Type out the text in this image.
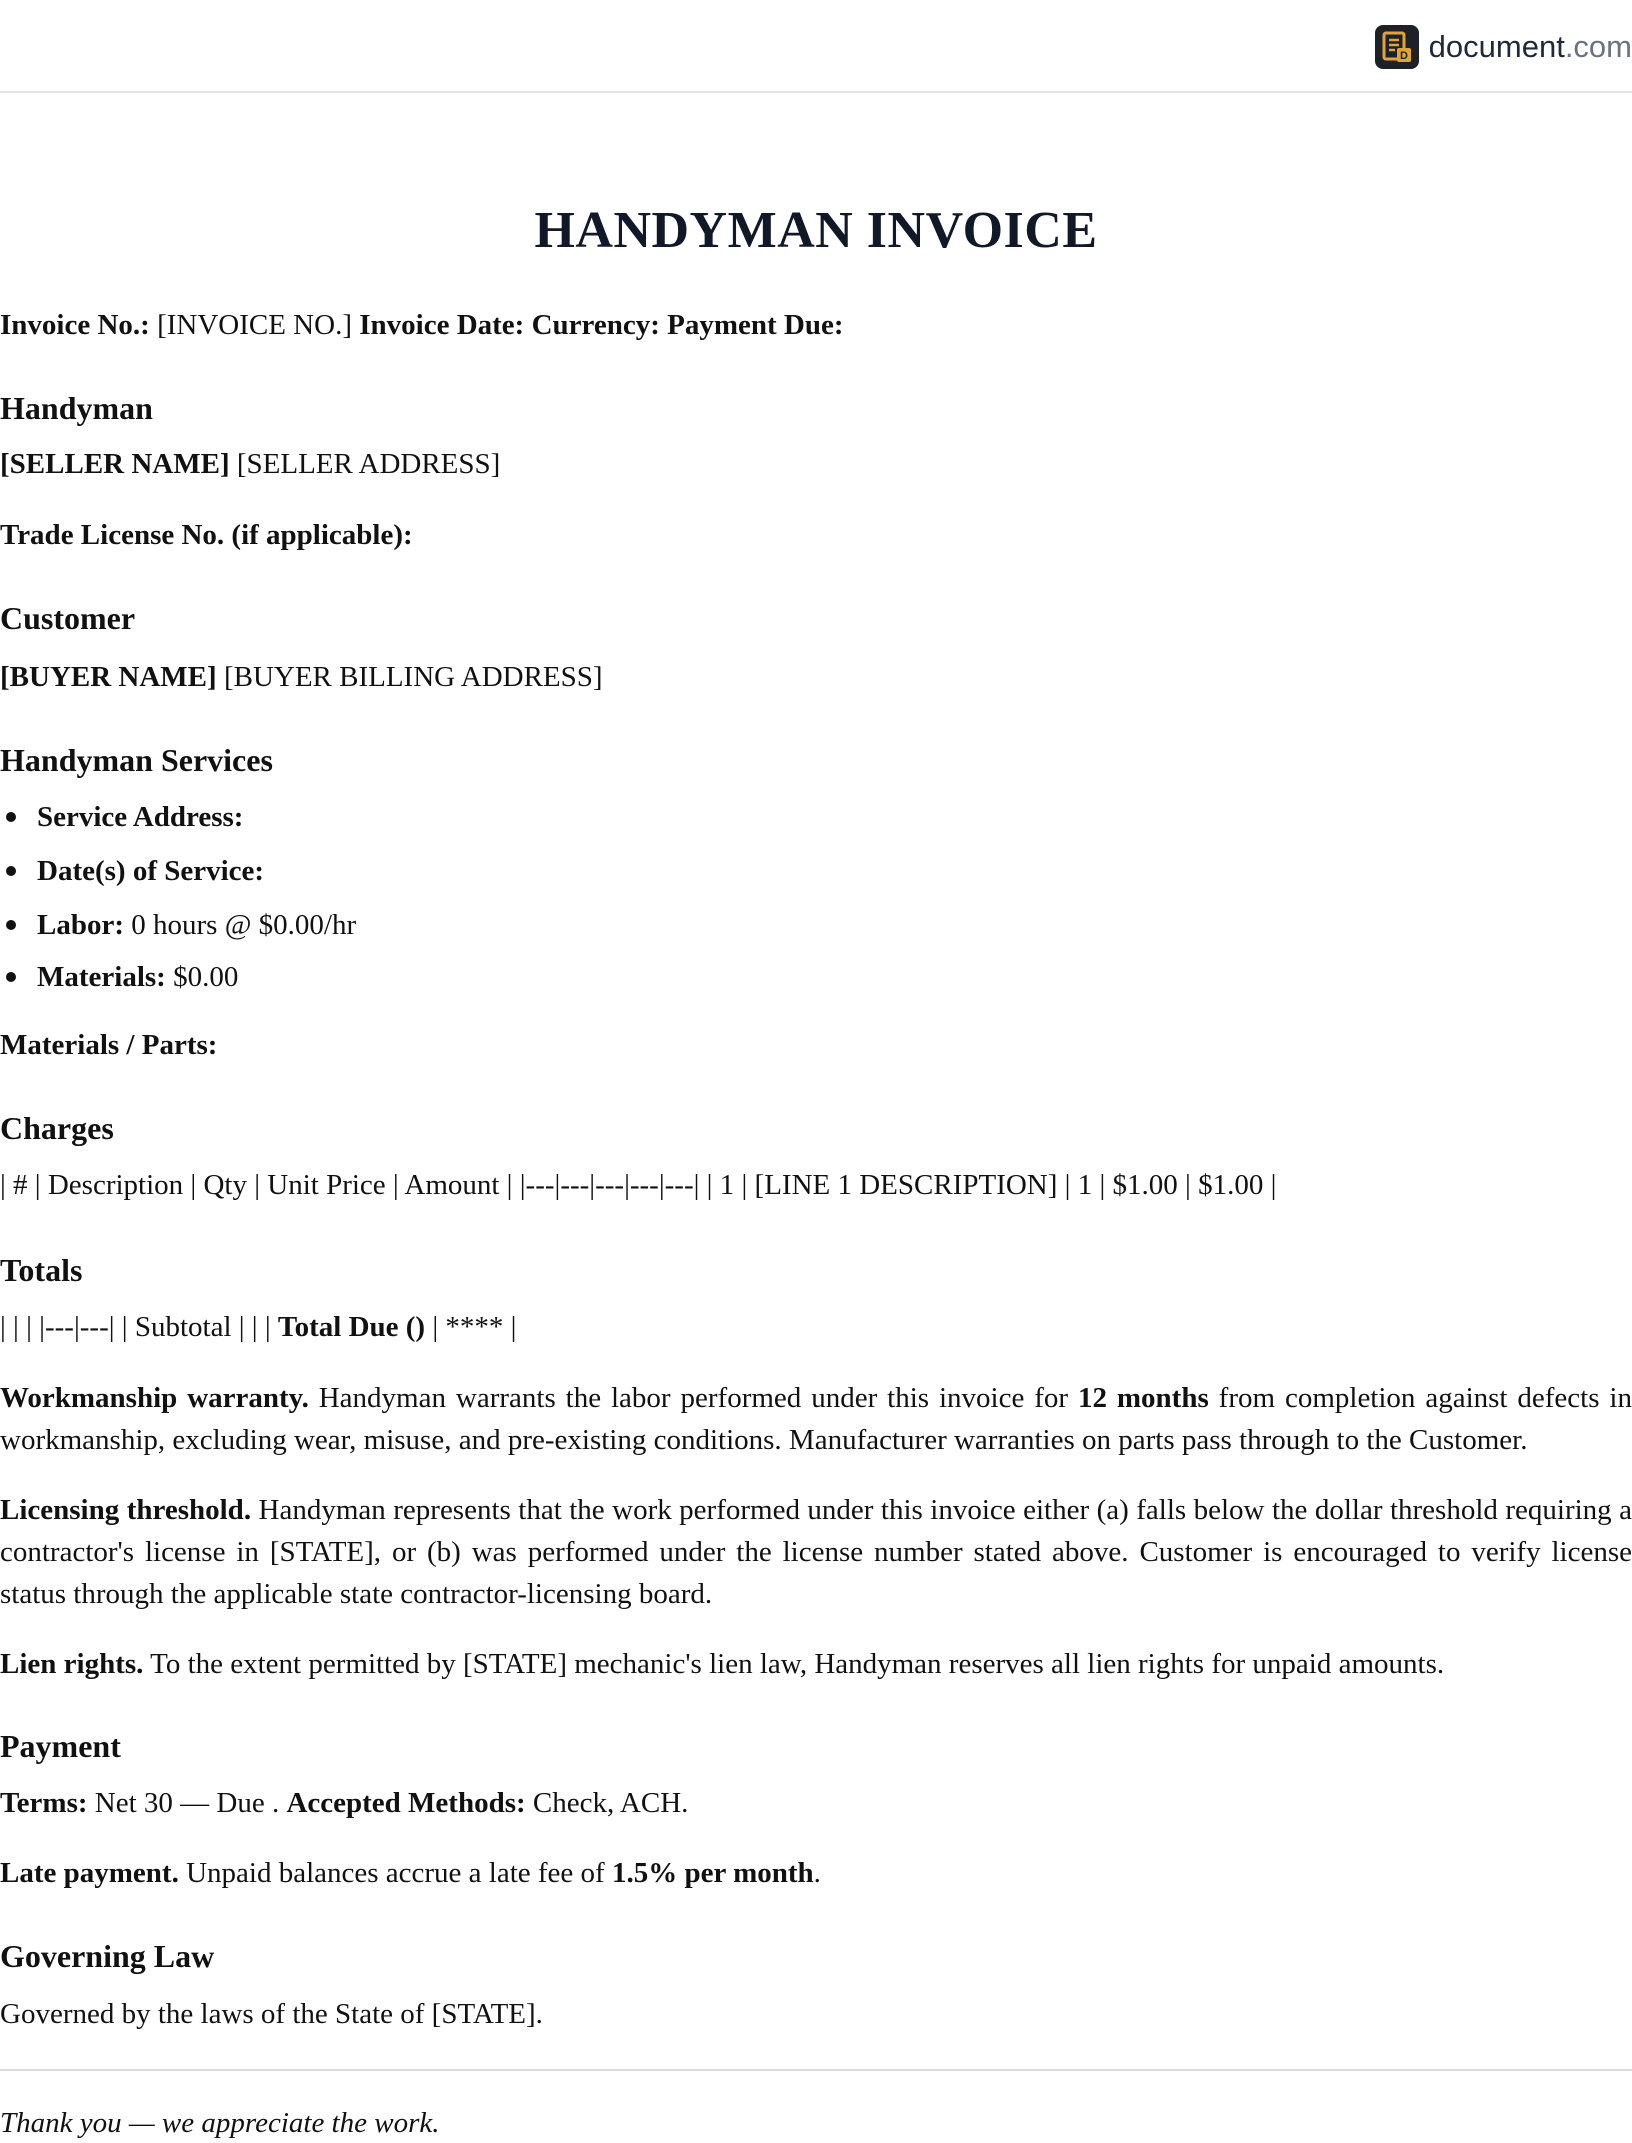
D document.com
HANDYMAN INVOICE
Invoice No.: [INVOICE NO.] Invoice Date: Currency: Payment Due:
Handyman
[SELLER NAME] [SELLER ADDRESS]
Trade License No. (if applicable):
Customer
[BUYER NAME] [BUYER BILLING ADDRESS]
Handyman Services
Service Address:
Date(s) of Service:
Labor: 0 hours @ $0.00/hr
Materials: $0.00
Materials / Parts:
Charges
| # | Description | Qty | Unit Price | Amount | |---|---|---|---|---| | 1 | [LINE 1 DESCRIPTION] | 1 | $1.00 | $1.00 |
Totals
| | | |---|---| | Subtotal | | | Total Due () | **** |

Workmanship warranty. Handyman warrants the labor performed under this invoice for 12 months from completion against defects in workmanship, excluding wear, misuse, and pre-existing conditions. Manufacturer warranties on parts pass through to the Customer.

Licensing threshold. Handyman represents that the work performed under this invoice either (a) falls below the dollar threshold requiring a contractor's license in [STATE], or (b) was performed under the license number stated above. Customer is encouraged to verify license status through the applicable state contractor-licensing board.

Lien rights. To the extent permitted by [STATE] mechanic's lien law, Handyman reserves all lien rights for unpaid amounts.

Payment
Terms: Net 30 — Due . Accepted Methods: Check, ACH.
Late payment. Unpaid balances accrue a late fee of 1.5% per month.
Governing Law
Governed by the laws of the State of [STATE].
Thank you — we appreciate the work.
